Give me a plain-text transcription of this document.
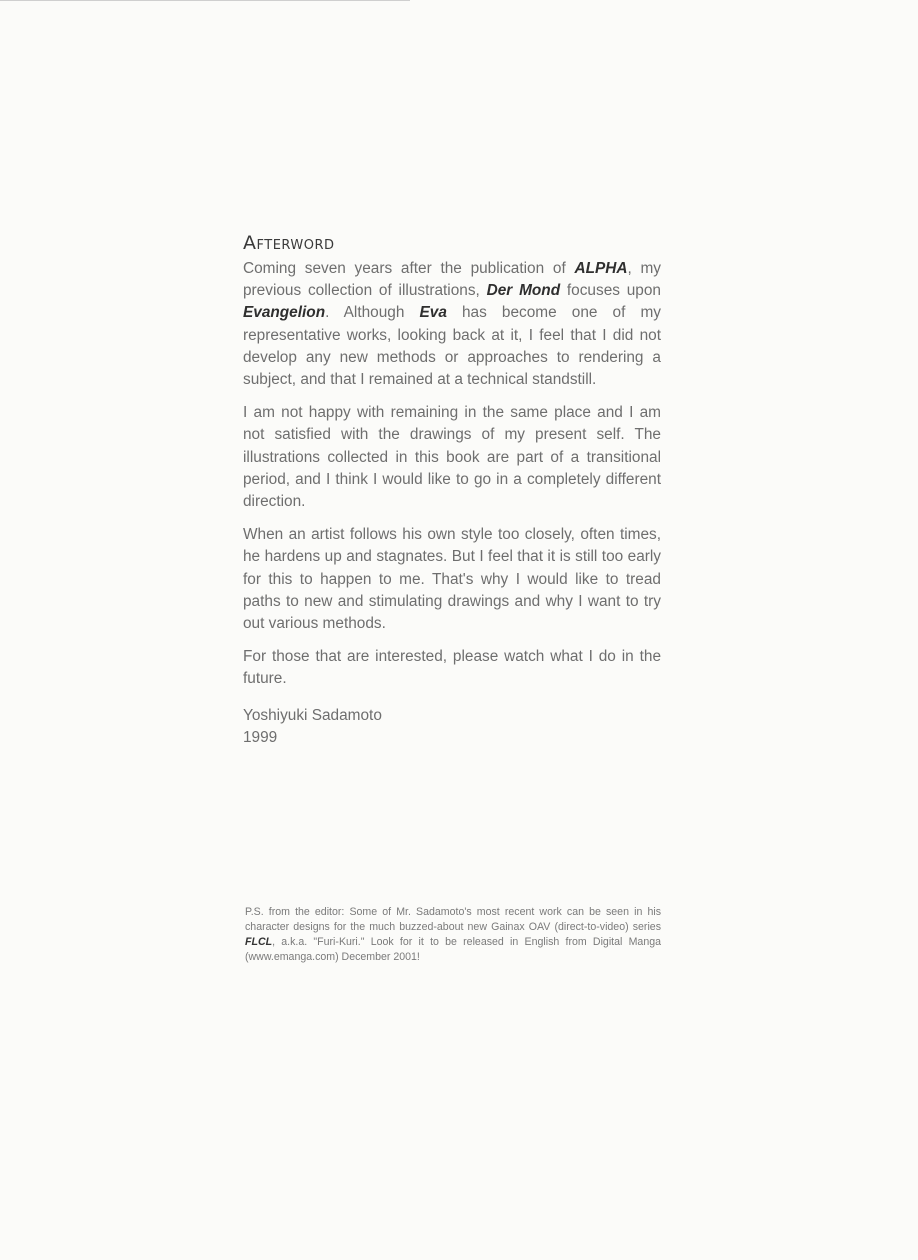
Afterword

Coming seven years after the publication of ALPHA, my previous collection of illustrations, Der Mond focuses upon Evangelion. Although Eva has become one of my representative works, looking back at it, I feel that I did not develop any new methods or approaches to rendering a subject, and that I remained at a technical standstill.

I am not happy with remaining in the same place and I am not satisfied with the drawings of my present self. The illustrations collected in this book are part of a transitional period, and I think I would like to go in a completely different direction.

When an artist follows his own style too closely, often times, he hardens up and stagnates. But I feel that it is still too early for this to happen to me. That's why I would like to tread paths to new and stimulating drawings and why I want to try out various methods.

For those that are interested, please watch what I do in the future.

Yoshiyuki Sadamoto
1999
P.S. from the editor: Some of Mr. Sadamoto's most recent work can be seen in his character designs for the much buzzed-about new Gainax OAV (direct-to-video) series FLCL, a.k.a. "Furi-Kuri." Look for it to be released in English from Digital Manga (www.emanga.com) December 2001!
